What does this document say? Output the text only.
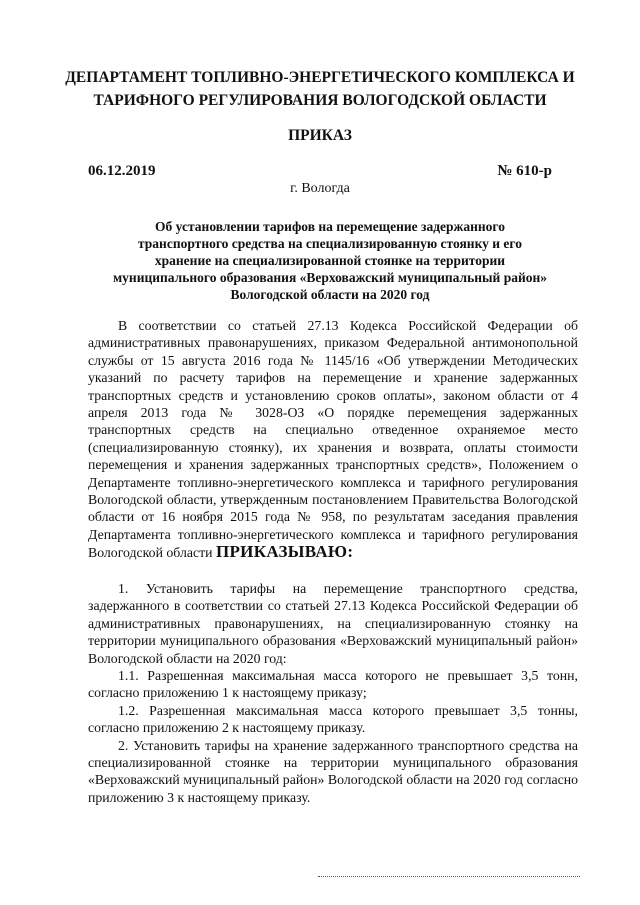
ДЕПАРТАМЕНТ ТОПЛИВНО-ЭНЕРГЕТИЧЕСКОГО КОМПЛЕКСА И ТАРИФНОГО РЕГУЛИРОВАНИЯ ВОЛОГОДСКОЙ ОБЛАСТИ
ПРИКАЗ
06.12.2019	№ 610-р
г. Вологда
Об установлении тарифов на перемещение задержанного транспортного средства на специализированную стоянку и его хранение на специализированной стоянке на территории муниципального образования «Верховажский муниципальный район» Вологодской области на 2020 год
В соответствии со статьей 27.13 Кодекса Российской Федерации об административных правонарушениях, приказом Федеральной антимонопольной службы от 15 августа 2016 года № 1145/16 «Об утверждении Методических указаний по расчету тарифов на перемещение и хранение задержанных транспортных средств и установлению сроков оплаты», законом области от 4 апреля 2013 года № 3028-ОЗ «О порядке перемещения задержанных транспортных средств на специально отведенное охраняемое место (специализированную стоянку), их хранения и возврата, оплаты стоимости перемещения и хранения задержанных транспортных средств», Положением о Департаменте топливно-энергетического комплекса и тарифного регулирования Вологодской области, утвержденным постановлением Правительства Вологодской области от 16 ноября 2015 года № 958, по результатам заседания правления Департамента топливно-энергетического комплекса и тарифного регулирования Вологодской области ПРИКАЗЫВАЮ:

1. Установить тарифы на перемещение транспортного средства, задержанного в соответствии со статьей 27.13 Кодекса Российской Федерации об административных правонарушениях, на специализированную стоянку на территории муниципального образования «Верховажский муниципальный район» Вологодской области на 2020 год:

1.1. Разрешенная максимальная масса которого не превышает 3,5 тонн, согласно приложению 1 к настоящему приказу;

1.2. Разрешенная максимальная масса которого превышает 3,5 тонны, согласно приложению 2 к настоящему приказу.

2. Установить тарифы на хранение задержанного транспортного средства на специализированной стоянке на территории муниципального образования «Верховажский муниципальный район» Вологодской области на 2020 год согласно приложению 3 к настоящему приказу.
